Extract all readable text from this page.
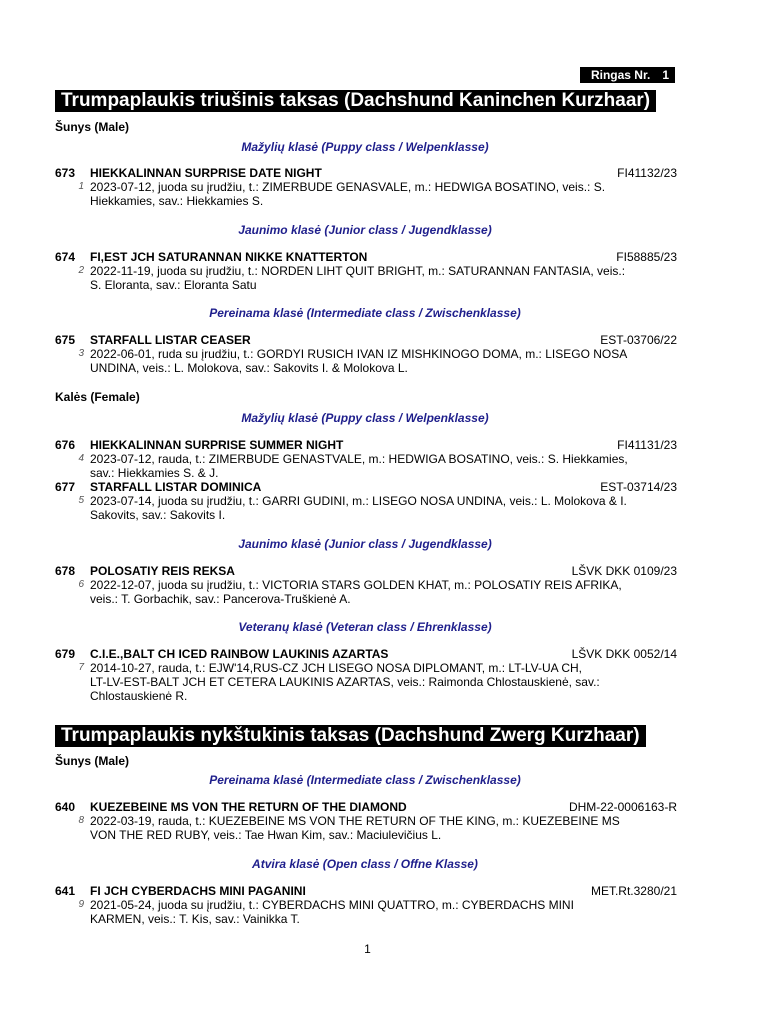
Ringas Nr. 1
Trumpaplaukis triušinis taksas (Dachshund Kaninchen Kurzhaar)
Šunys (Male)
Mažylių klasė (Puppy class / Welpenklasse)
673	HIEKKALINNAN SURPRISE DATE NIGHT	FI41132/23
1 2023-07-12, juoda su įrudžiu, t.: ZIMERBUDE GENASVALE, m.: HEDWIGA BOSATINO, veis.: S.
Hiekkamies, sav.: Hiekkamies S.
Jaunimo klasė (Junior class / Jugendklasse)
674	FI,EST JCH SATURANNAN NIKKE KNATTERTON	FI58885/23
2 2022-11-19, juoda su įrudžiu, t.: NORDEN LIHT QUIT BRIGHT, m.: SATURANNAN FANTASIA, veis.:
S. Eloranta, sav.: Eloranta Satu
Pereinama klasė (Intermediate class / Zwischenklasse)
675	STARFALL LISTAR CEASER	EST-03706/22
3 2022-06-01, ruda su įrudžiu, t.: GORDYI RUSICH IVAN IZ MISHKINOGO DOMA, m.: LISEGO NOSA
UNDINA, veis.: L. Molokova, sav.: Sakovits I. & Molokova L.
Kalės (Female)
Mažylių klasė (Puppy class / Welpenklasse)
676	HIEKKALINNAN SURPRISE SUMMER NIGHT	FI41131/23
4 2023-07-12, rauda, t.: ZIMERBUDE GENASTVALE, m.: HEDWIGA BOSATINO, veis.: S. Hiekkamies,
sav.: Hiekkamies S. & J.
677	STARFALL LISTAR DOMINICA	EST-03714/23
5 2023-07-14, juoda su įrudžiu, t.: GARRI GUDINI, m.: LISEGO NOSA UNDINA, veis.: L. Molokova & I.
Sakovits, sav.: Sakovits I.
Jaunimo klasė (Junior class / Jugendklasse)
678	POLOSATIY REIS REKSA	LŠVK DKK 0109/23
6 2022-12-07, juoda su įrudžiu, t.: VICTORIA STARS GOLDEN KHAT, m.: POLOSATIY REIS AFRIKA,
veis.: T. Gorbachik, sav.: Pancerova-Truškienė A.
Veteranų klasė (Veteran class / Ehrenklasse)
679	C.I.E.,BALT CH ICED RAINBOW LAUKINIS AZARTAS	LŠVK DKK 0052/14
7 2014-10-27, rauda, t.: EJW'14,RUS-CZ JCH LISEGO NOSA DIPLOMANT, m.: LT-LV-UA CH,
LT-LV-EST-BALT JCH ET CETERA LAUKINIS AZARTAS, veis.: Raimonda Chlostauskienė, sav.:
Chlostauskienė R.
Trumpaplaukis nykštukinis taksas (Dachshund Zwerg Kurzhaar)
Šunys (Male)
Pereinama klasė (Intermediate class / Zwischenklasse)
640	KUEZEBEINE MS VON THE RETURN OF THE DIAMOND	DHM-22-0006163-R
8 2022-03-19, rauda, t.: KUEZEBEINE MS VON THE RETURN OF THE KING, m.: KUEZEBEINE MS
VON THE RED RUBY, veis.: Tae Hwan Kim, sav.: Maciulevičius L.
Atvira klasė (Open class / Offne Klasse)
641	FI JCH CYBERDACHS MINI PAGANINI	MET.Rt.3280/21
9 2021-05-24, juoda su įrudžiu, t.: CYBERDACHS MINI QUATTRO, m.: CYBERDACHS MINI
KARMEN, veis.: T. Kis, sav.: Vainikka T.
1
